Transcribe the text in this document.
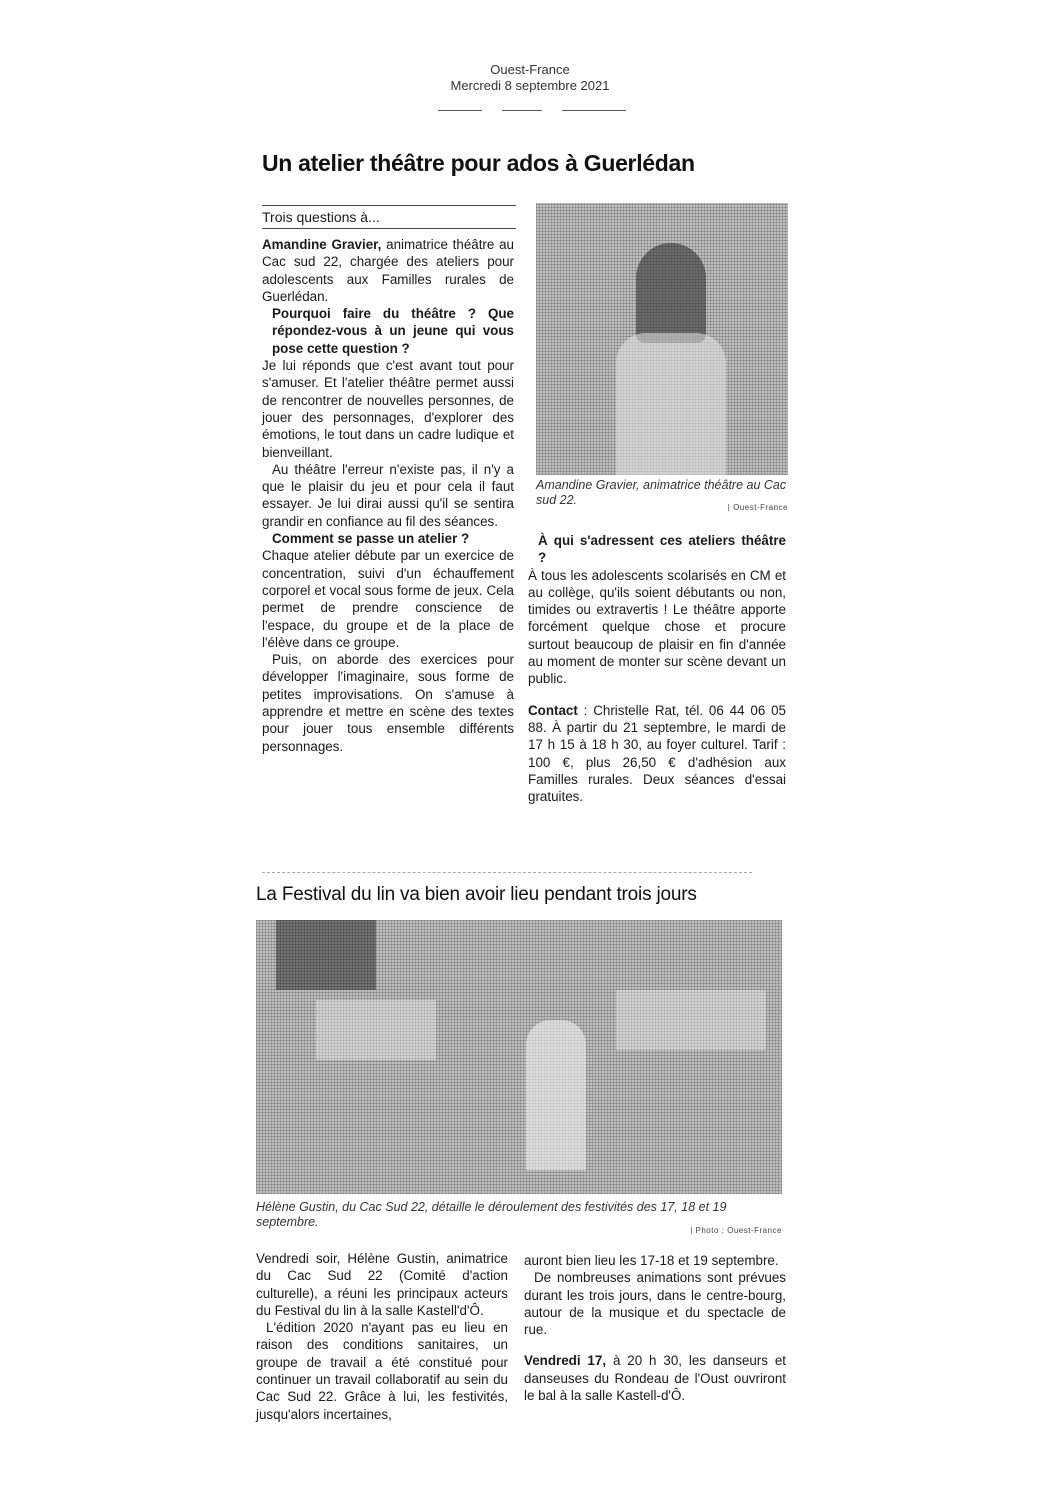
Ouest-France
Mercredi 8 septembre 2021
Un atelier théâtre pour ados à Guerlédan
Trois questions à...

Amandine Gravier, animatrice théâtre au Cac sud 22, chargée des ateliers pour adolescents aux Familles rurales de Guerlédan.

Pourquoi faire du théâtre ? Que répondez-vous à un jeune qui vous pose cette question ?

Je lui réponds que c'est avant tout pour s'amuser. Et l'atelier théâtre permet aussi de rencontrer de nouvelles personnes, de jouer des personnages, d'explorer des émotions, le tout dans un cadre ludique et bienveillant.

Au théâtre l'erreur n'existe pas, il n'y a que le plaisir du jeu et pour cela il faut essayer. Je lui dirai aussi qu'il se sentira grandir en confiance au fil des séances.

Comment se passe un atelier ?

Chaque atelier débute par un exercice de concentration, suivi d'un échauffement corporel et vocal sous forme de jeux. Cela permet de prendre conscience de l'espace, du groupe et de la place de l'élève dans ce groupe.

Puis, on aborde des exercices pour développer l'imaginaire, sous forme de petites improvisations. On s'amuse à apprendre et mettre en scène des textes pour jouer tous ensemble différents personnages.

Amandine Gravier, animatrice théâtre au Cac sud 22.
| Ouest-France

À qui s'adressent ces ateliers théâtre ?

À tous les adolescents scolarisés en CM et au collège, qu'ils soient débutants ou non, timides ou extravertis ! Le théâtre apporte forcément quelque chose et procure surtout beaucoup de plaisir en fin d'année au moment de monter sur scène devant un public.

Contact : Christelle Rat, tél. 06 44 06 05 88. À partir du 21 septembre, le mardi de 17 h 15 à 18 h 30, au foyer culturel. Tarif : 100 €, plus 26,50 € d'adhésion aux Familles rurales. Deux séances d'essai gratuites.

La Festival du lin va bien avoir lieu pendant trois jours
Hélène Gustin, du Cac Sud 22, détaille le déroulement des festivités des 17, 18 et 19 septembre.
| Photo : Ouest-France

Vendredi soir, Hélène Gustin, animatrice du Cac Sud 22 (Comité d'action culturelle), a réuni les principaux acteurs du Festival du lin à la salle Kastell'd'Ô.

L'édition 2020 n'ayant pas eu lieu en raison des conditions sanitaires, un groupe de travail a été constitué pour continuer un travail collaboratif au sein du Cac Sud 22. Grâce à lui, les festivités, jusqu'alors incertaines,

auront bien lieu les 17-18 et 19 septembre.

De nombreuses animations sont prévues durant les trois jours, dans le centre-bourg, autour de la musique et du spectacle de rue.

Vendredi 17, à 20 h 30, les danseurs et danseuses du Rondeau de l'Oust ouvriront le bal à la salle Kastell-d'Ô.
